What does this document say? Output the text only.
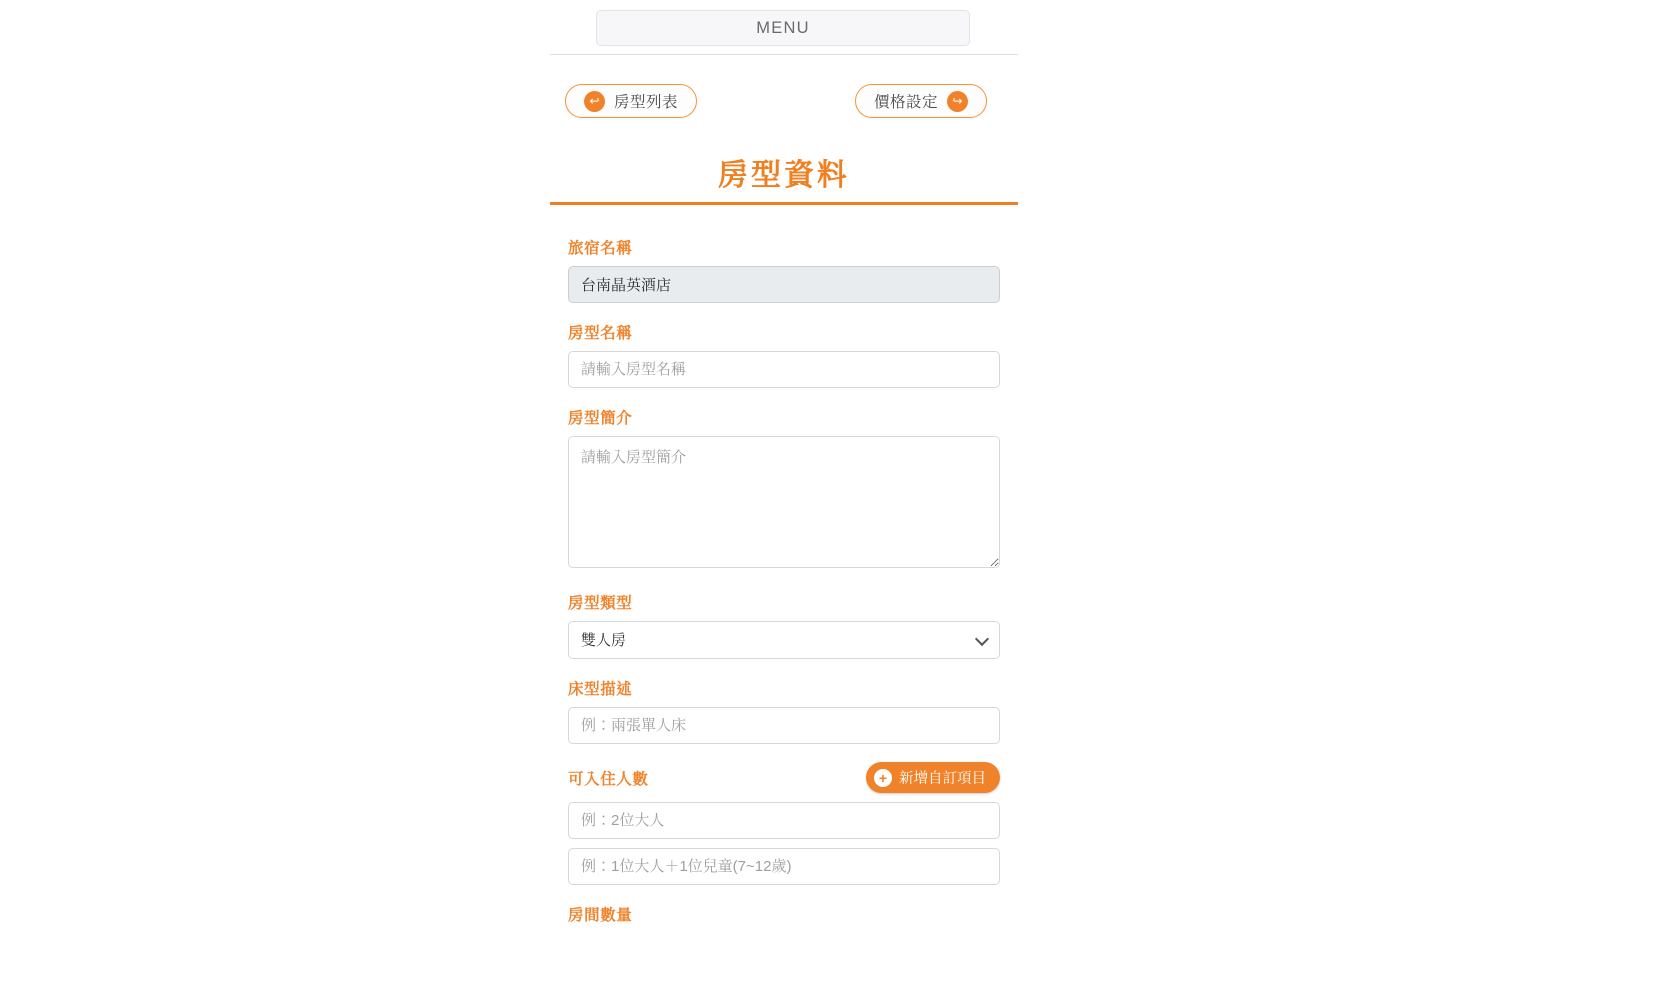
MENU
↩ 房型列表	價格設定	↪
房型資料
旅宿名稱
台南晶英酒店
房型名稱
請輸入房型名稱
房型簡介
請輸入房型簡介
房型類型
雙人房
床型描述
例：兩張單人床
可入住人數	+ 新增自訂項目
例：2位大人
例：1位大人＋1位兒童(7~12歲)
房間數量
